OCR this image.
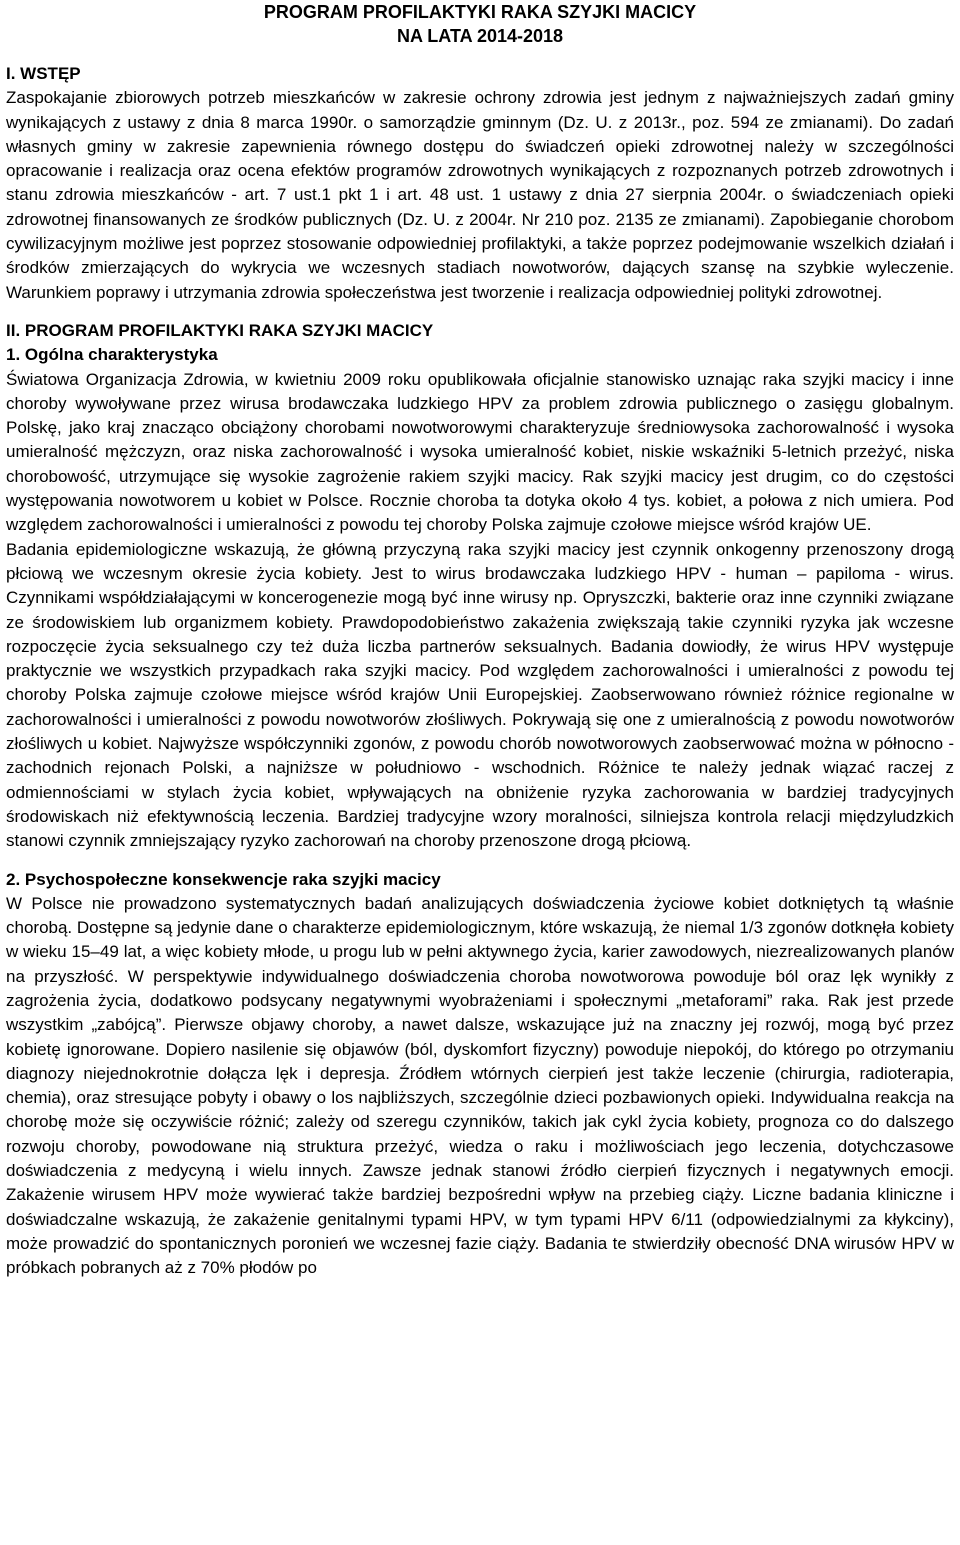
PROGRAM PROFILAKTYKI RAKA SZYJKI MACICY
NA LATA 2014-2018
I. WSTĘP

Zaspokajanie zbiorowych potrzeb mieszkańców w zakresie ochrony zdrowia jest jednym z najważniejszych zadań gminy wynikających z ustawy z dnia 8 marca 1990r. o samorządzie gminnym (Dz. U. z 2013r., poz. 594 ze zmianami). Do zadań własnych gminy w zakresie zapewnienia równego dostępu do świadczeń opieki zdrowotnej należy w szczególności opracowanie i realizacja oraz ocena efektów programów zdrowotnych wynikających z rozpoznanych potrzeb zdrowotnych i stanu zdrowia mieszkańców - art. 7 ust.1 pkt 1 i art. 48 ust. 1 ustawy z dnia 27 sierpnia 2004r. o świadczeniach opieki zdrowotnej finansowanych ze środków publicznych (Dz. U. z 2004r. Nr 210 poz. 2135 ze zmianami). Zapobieganie chorobom cywilizacyjnym możliwe jest poprzez stosowanie odpowiedniej profilaktyki, a także poprzez podejmowanie wszelkich działań i środków zmierzających do wykrycia we wczesnych stadiach nowotworów, dających szansę na szybkie wyleczenie. Warunkiem poprawy i utrzymania zdrowia społeczeństwa jest tworzenie i realizacja odpowiedniej polityki zdrowotnej.

II. PROGRAM PROFILAKTYKI RAKA SZYJKI MACICY
1. Ogólna charakterystyka

Światowa Organizacja Zdrowia, w kwietniu 2009 roku opublikowała oficjalnie stanowisko uznając raka szyjki macicy i inne choroby wywoływane przez wirusa brodawczaka ludzkiego HPV za problem zdrowia publicznego o zasięgu globalnym. Polskę, jako kraj znacząco obciążony chorobami nowotworowymi charakteryzuje średniowysoka zachorowalność i wysoka umieralność mężczyzn, oraz niska zachorowalność i wysoka umieralność kobiet, niskie wskaźniki 5-letnich przeżyć, niska chorobowość, utrzymujące się wysokie zagrożenie rakiem szyjki macicy. Rak szyjki macicy jest drugim, co do częstości występowania nowotworem u kobiet w Polsce. Rocznie choroba ta dotyka około 4 tys. kobiet, a połowa z nich umiera. Pod względem zachorowalności i umieralności z powodu tej choroby Polska zajmuje czołowe miejsce wśród krajów UE.

Badania epidemiologiczne wskazują, że główną przyczyną raka szyjki macicy jest czynnik onkogenny przenoszony drogą płciową we wczesnym okresie życia kobiety. Jest to wirus brodawczaka ludzkiego HPV - human – papiloma - wirus. Czynnikami współdziałającymi w koncerogenezie mogą być inne wirusy np. Opryszczki, bakterie oraz inne czynniki związane ze środowiskiem lub organizmem kobiety. Prawdopodobieństwo zakażenia zwiększają takie czynniki ryzyka jak wczesne rozpoczęcie życia seksualnego czy też duża liczba partnerów seksualnych. Badania dowiodły, że wirus HPV występuje praktycznie we wszystkich przypadkach raka szyjki macicy. Pod względem zachorowalności i umieralności z powodu tej choroby Polska zajmuje czołowe miejsce wśród krajów Unii Europejskiej. Zaobserwowano również różnice regionalne w zachorowalności i umieralności z powodu nowotworów złośliwych. Pokrywają się one z umieralnością z powodu nowotworów złośliwych u kobiet. Najwyższe współczynniki zgonów, z powodu chorób nowotworowych zaobserwować można w północno - zachodnich rejonach Polski, a najniższe w południowo - wschodnich. Różnice te należy jednak wiązać raczej z odmiennościami w stylach życia kobiet, wpływających na obniżenie ryzyka zachorowania w bardziej tradycyjnych środowiskach niż efektywnością leczenia. Bardziej tradycyjne wzory moralności, silniejsza kontrola relacji międzyludzkich stanowi czynnik zmniejszający ryzyko zachorowań na choroby przenoszone drogą płciową.

2. Psychospołeczne konsekwencje raka szyjki macicy

W Polsce nie prowadzono systematycznych badań analizujących doświadczenia życiowe kobiet dotkniętych tą właśnie chorobą. Dostępne są jedynie dane o charakterze epidemiologicznym, które wskazują, że niemal 1/3 zgonów dotknęła kobiety w wieku 15–49 lat, a więc kobiety młode, u progu lub w pełni aktywnego życia, karier zawodowych, niezrealizowanych planów na przyszłość. W perspektywie indywidualnego doświadczenia choroba nowotworowa powoduje ból oraz lęk wynikły z zagrożenia życia, dodatkowo podsycany negatywnymi wyobrażeniami i społecznymi „metaforami” raka. Rak jest przede wszystkim „zabójcą”. Pierwsze objawy choroby, a nawet dalsze, wskazujące już na znaczny jej rozwój, mogą być przez kobietę ignorowane. Dopiero nasilenie się objawów (ból, dyskomfort fizyczny) powoduje niepokój, do którego po otrzymaniu diagnozy niejednokrotnie dołącza lęk i depresja. Źródłem wtórnych cierpień jest także leczenie (chirurgia, radioterapia, chemia), oraz stresujące pobyty i obawy o los najbliższych, szczególnie dzieci pozbawionych opieki. Indywidualna reakcja na chorobę może się oczywiście różnić; zależy od szeregu czynników, takich jak cykl życia kobiety, prognoza co do dalszego rozwoju choroby, powodowane nią struktura przeżyć, wiedza o raku i możliwościach jego leczenia, dotychczasowe doświadczenia z medycyną i wielu innych. Zawsze jednak stanowi źródło cierpień fizycznych i negatywnych emocji. Zakażenie wirusem HPV może wywierać także bardziej bezpośredni wpływ na przebieg ciąży. Liczne badania kliniczne i doświadczalne wskazują, że zakażenie genitalnymi typami HPV, w tym typami HPV 6/11 (odpowiedzialnymi za kłykciny), może prowadzić do spontanicznych poronień we wczesnej fazie ciąży. Badania te stwierdziły obecność DNA wirusów HPV w próbkach pobranych aż z 70% płodów po
